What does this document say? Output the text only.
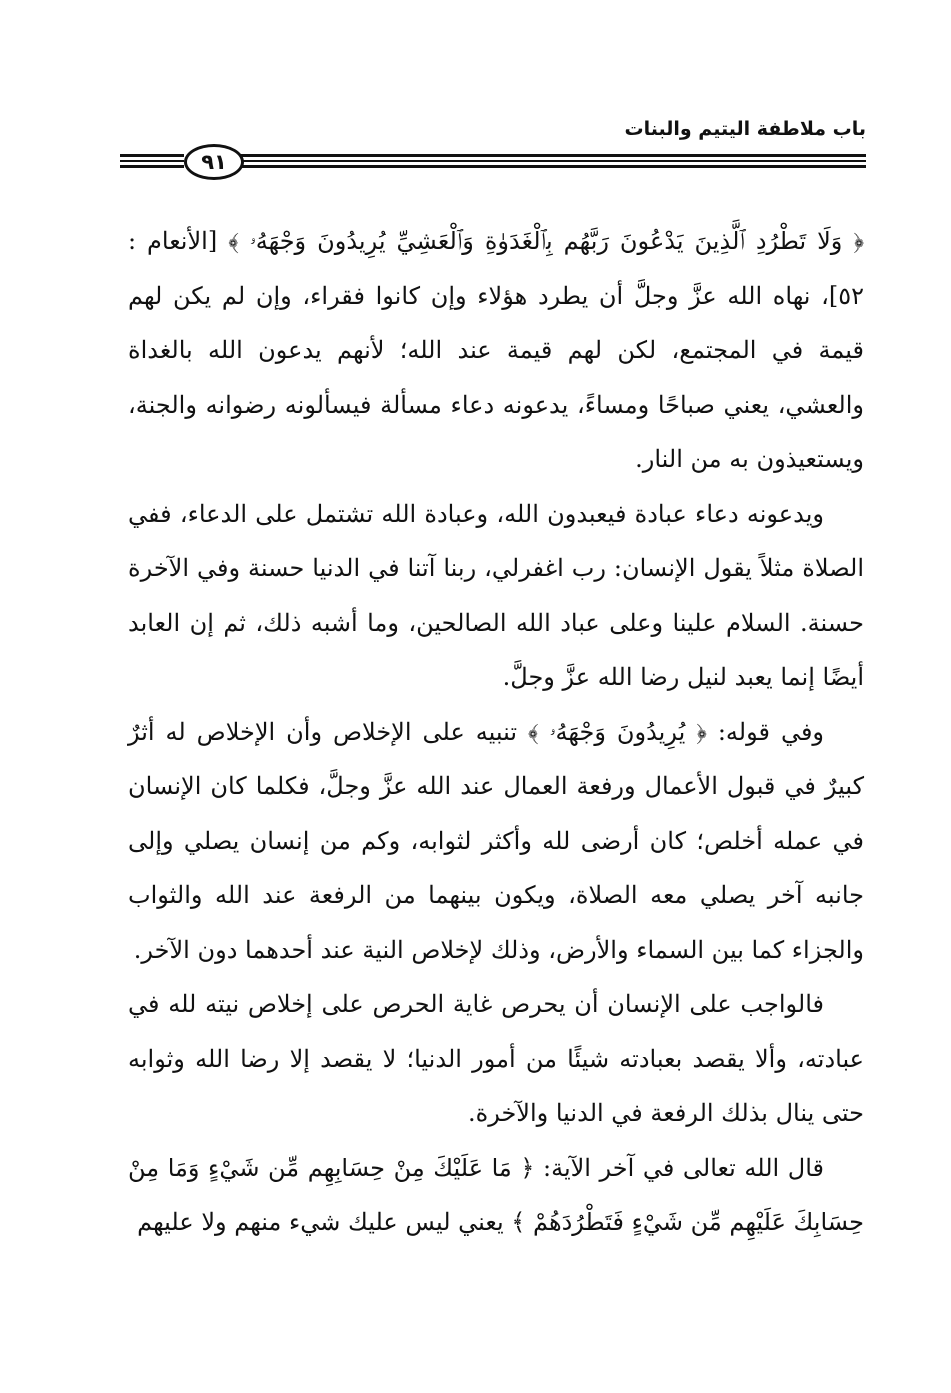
باب ملاطفة اليتيم والبنات
٩١

﴿ وَلَا تَطْرُدِ ٱلَّذِينَ يَدْعُونَ رَبَّهُم بِٱلْغَدَوٰةِ وَٱلْعَشِيِّ يُرِيدُونَ وَجْهَهُۥ ﴾ [الأنعام : ٥٢]، نهاه الله عزَّ وجلَّ أن يطرد هؤلاء وإن كانوا فقراء، وإن لم يكن لهم قيمة في المجتمع، لكن لهم قيمة عند الله؛ لأنهم يدعون الله بالغداة والعشي، يعني صباحًا ومساءً، يدعونه دعاء مسألة فيسألونه رضوانه والجنة، ويستعيذون به من النار.

ويدعونه دعاء عبادة فيعبدون الله، وعبادة الله تشتمل على الدعاء، ففي الصلاة مثلاً يقول الإنسان: رب اغفرلي، ربنا آتنا في الدنيا حسنة وفي الآخرة حسنة. السلام علينا وعلى عباد الله الصالحين، وما أشبه ذلك، ثم إن العابد أيضًا إنما يعبد لنيل رضا الله عزَّ وجلَّ.

وفي قوله: ﴿ يُرِيدُونَ وَجْهَهُۥ ﴾ تنبيه على الإخلاص وأن الإخلاص له أثرٌ كبيرٌ في قبول الأعمال ورفعة العمال عند الله عزَّ وجلَّ، فكلما كان الإنسان في عمله أخلص؛ كان أرضى لله وأكثر لثوابه، وكم من إنسان يصلي وإلى جانبه آخر يصلي معه الصلاة، ويكون بينهما من الرفعة عند الله والثواب والجزاء كما بين السماء والأرض، وذلك لإخلاص النية عند أحدهما دون الآخر.

فالواجب على الإنسان أن يحرص غاية الحرص على إخلاص نيته لله في عبادته، وألا يقصد بعبادته شيئًا من أمور الدنيا؛ لا يقصد إلا رضا الله وثوابه حتى ينال بذلك الرفعة في الدنيا والآخرة.

قال الله تعالى في آخر الآية: ﴿ مَا عَلَيْكَ مِنْ حِسَابِهِم مِّن شَيْءٍ وَمَا مِنْ حِسَابِكَ عَلَيْهِم مِّن شَيْءٍ فَتَطْرُدَهُمْ ﴾ يعني ليس عليك شيء منهم ولا عليهم
